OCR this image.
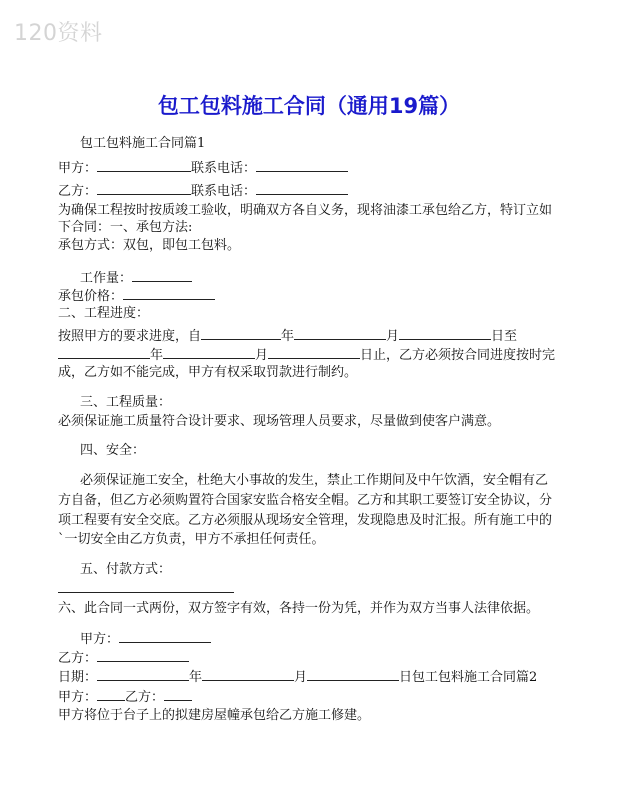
120资料
包工包料施工合同（通用19篇）
包工包料施工合同篇1
甲方：	联系电话：
乙方：	联系电话：
为确保工程按时按质竣工验收，明确双方各自义务，现将油漆工承包给乙方，特订立如
下合同：一、承包方法:
承包方式：双包，即包工包料。
工作量：
承包价格：
二、工程进度：
按照甲方的要求进度，自	年	月	日至
年	月	日止，乙方必须按合同进度按时完
成，乙方如不能完成，甲方有权采取罚款进行制约。
三、工程质量：
必须保证施工质量符合设计要求、现场管理人员要求，尽量做到使客户满意。
四、安全：
必须保证施工安全，杜绝大小事故的发生，禁止工作期间及中午饮酒，安全帽有乙
方自备，但乙方必须购置符合国家安监合格安全帽。乙方和其职工要签订安全协议，分
项工程要有安全交底。乙方必须服从现场安全管理，发现隐患及时汇报。所有施工中的
`一切安全由乙方负责，甲方不承担任何责任。
五、付款方式：
六、此合同一式两份，双方签字有效，各持一份为凭，并作为双方当事人法律依据。
甲方：
乙方：
日期：	年	月	日包工包料施工合同篇2
甲方： 乙方：
甲方将位于台子上的拟建房屋幢承包给乙方施工修建。
